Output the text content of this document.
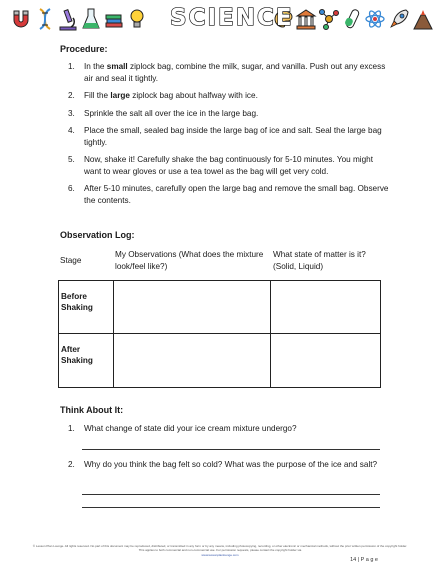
SCIENCE
Procedure:
1. In the small ziplock bag, combine the milk, sugar, and vanilla. Push out any excess air and seal it tightly.
2. Fill the large ziplock bag about halfway with ice.
3. Sprinkle the salt all over the ice in the large bag.
4. Place the small, sealed bag inside the large bag of ice and salt. Seal the large bag tightly.
5. Now, shake it! Carefully shake the bag continuously for 5-10 minutes. You might want to wear gloves or use a tea towel as the bag will get very cold.
6. After 5-10 minutes, carefully open the large bag and remove the small bag. Observe the contents.
Observation Log:
Stage
My Observations (What does the mixture look/feel like?)
What state of matter is it? (Solid, Liquid)
Before Shaking
After Shaking
Think About It:
1. What change of state did your ice cream mixture undergo?
2. Why do you think the bag felt so cold? What was the purpose of the ice and salt?
© Lesson Plan Lounge. All rights reserved. No part of this document may be reproduced, distributed, or transmitted in any form or by any means, including photocopying, recording, or other electronic or mechanical methods, without the prior written permission of the copyright holder. This applies to both commercial and non-commercial use. For permission requests, please contact the copyright holder via
www.lessonplanlounge.com
14 | P a g e
